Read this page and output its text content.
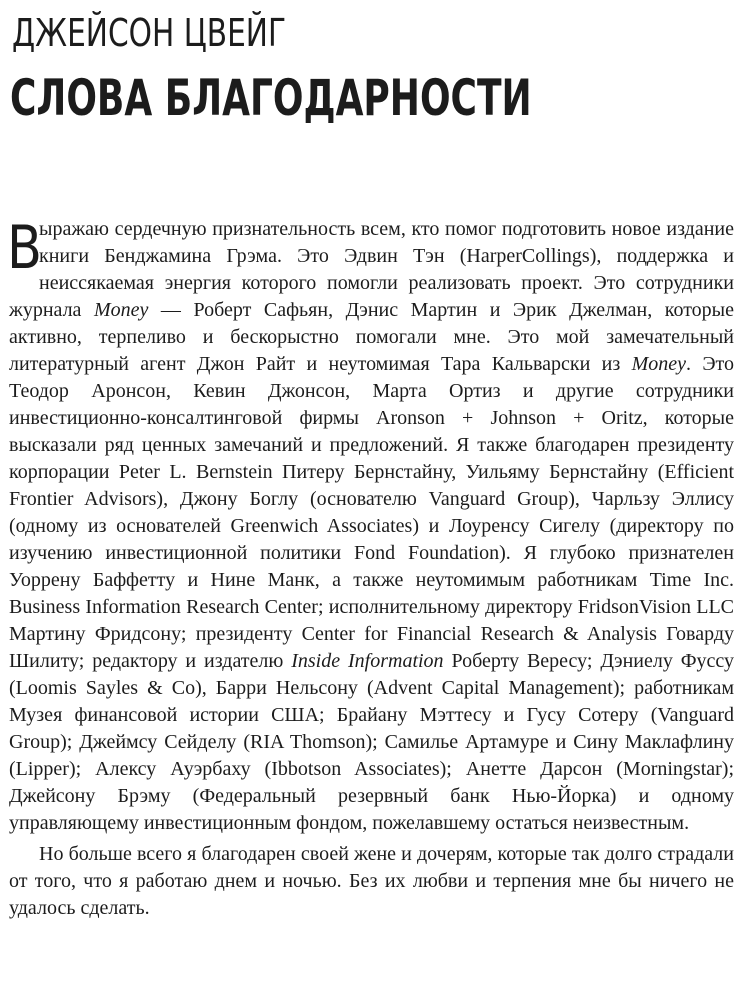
ДЖЕЙСОН ЦВЕЙГ
СЛОВА БЛАГОДАРНОСТИ

В
ыражаю сердечную признательность всем, кто помог подготовить новое издание книги Бенджамина Грэма. Это Эдвин Тэн (HarperCollings), поддержка и неиссякаемая энергия которого помогли реализовать проект. Это сотрудники журнала Money — Роберт Сафьян, Дэнис Мартин и Эрик Джелман, которые активно, терпеливо и бескорыстно помогали мне. Это мой замечательный литературный агент Джон Райт и неутомимая Тара Кальварски из Money. Это Теодор Аронсон, Кевин Джонсон, Марта Ортиз и другие сотрудники инвестиционно-консалтинговой фирмы Aronson + Johnson + Oritz, которые высказали ряд ценных замечаний и предложений. Я также благодарен президенту корпорации Peter L. Bernstein Питеру Бернстайну, Уильяму Бернстайну (Efficient Frontier Advisors), Джону Боглу (основателю Vanguard Group), Чарльзу Эллису (одному из основателей Greenwich Associates) и Лоуренсу Сигелу (директору по изучению инвестиционной политики Fond Foundation). Я глубоко признателен Уоррену Баффетту и Нине Манк, а также неутомимым работникам Time Inc. Business Information Research Center; исполнительному директору FridsonVision LLC Мартину Фридсону; президенту Center for Financial Research & Analysis Говарду Шилиту; редактору и издателю Inside Information Роберту Вересу; Дэниелу Фуссу (Loomis Sayles & Co), Барри Нельсону (Advent Capital Management); работникам Музея финансовой истории США; Брайану Мэттесу и Гусу Сотеру (Vanguard Group); Джеймсу Сейделу (RIA Thomson); Самилье Артамуре и Сину Маклафлину (Lipper); Алексу Ауэрбаху (Ibbotson Associates); Анетте Дарсон (Morningstar); Джейсону Брэму (Федеральный резервный банк Нью-Йорка) и одному управляющему инвестиционным фондом, пожелавшему остаться неизвестным.

Но больше всего я благодарен своей жене и дочерям, которые так долго страдали от того, что я работаю днем и ночью. Без их любви и терпения мне бы ничего не удалось сделать.
